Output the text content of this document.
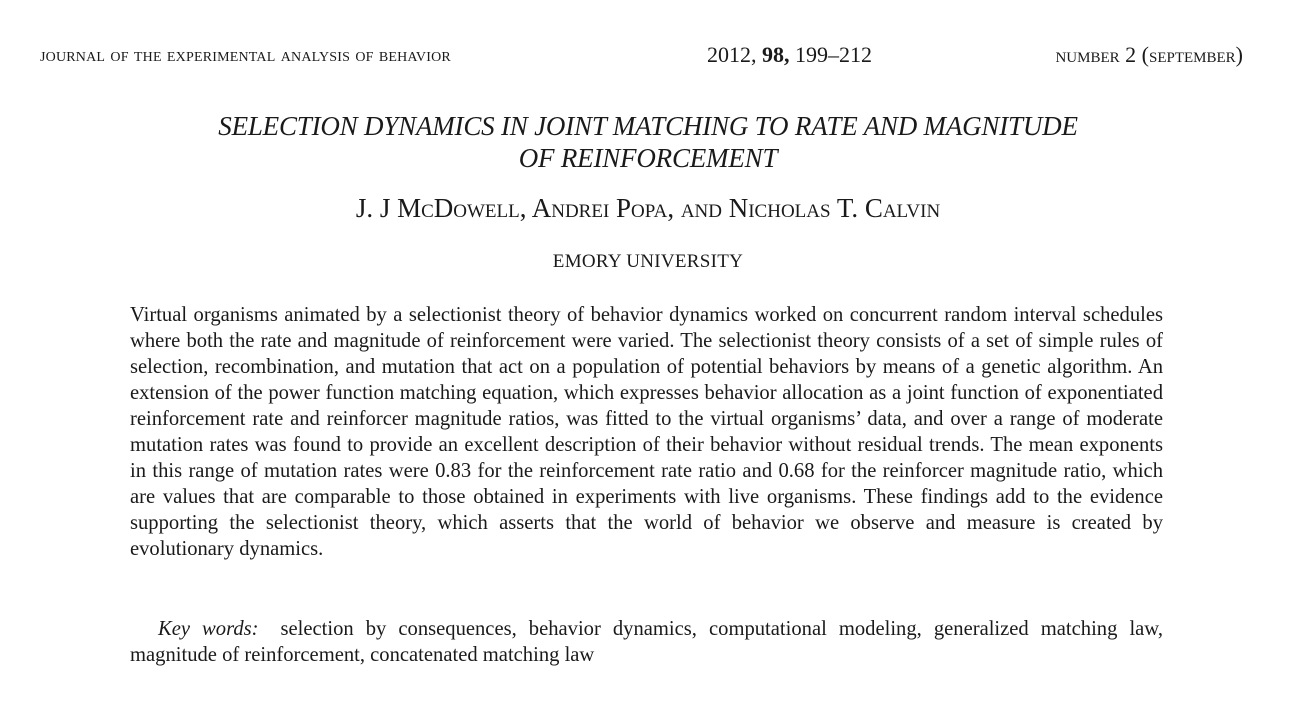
journal of the experimental analysis of behavior	2012, 98, 199–212	number 2 (september)
SELECTION DYNAMICS IN JOINT MATCHING TO RATE AND MAGNITUDE
OF REINFORCEMENT
J. J McDowell, Andrei Popa, and Nicholas T. Calvin
EMORY UNIVERSITY

Virtual organisms animated by a selectionist theory of behavior dynamics worked on concurrent random interval schedules where both the rate and magnitude of reinforcement were varied. The selectionist theory consists of a set of simple rules of selection, recombination, and mutation that act on a population of potential behaviors by means of a genetic algorithm. An extension of the power function matching equation, which expresses behavior allocation as a joint function of exponentiated reinforcement rate and reinforcer magnitude ratios, was fitted to the virtual organisms’ data, and over a range of moderate mutation rates was found to provide an excellent description of their behavior without residual trends. The mean exponents in this range of mutation rates were 0.83 for the reinforcement rate ratio and 0.68 for the reinforcer magnitude ratio, which are values that are comparable to those obtained in experiments with live organisms. These findings add to the evidence supporting the selectionist theory, which asserts that the world of behavior we observe and measure is created by evolutionary dynamics.

Key words: selection by consequences, behavior dynamics, computational modeling, generalized matching law, magnitude of reinforcement, concatenated matching law
